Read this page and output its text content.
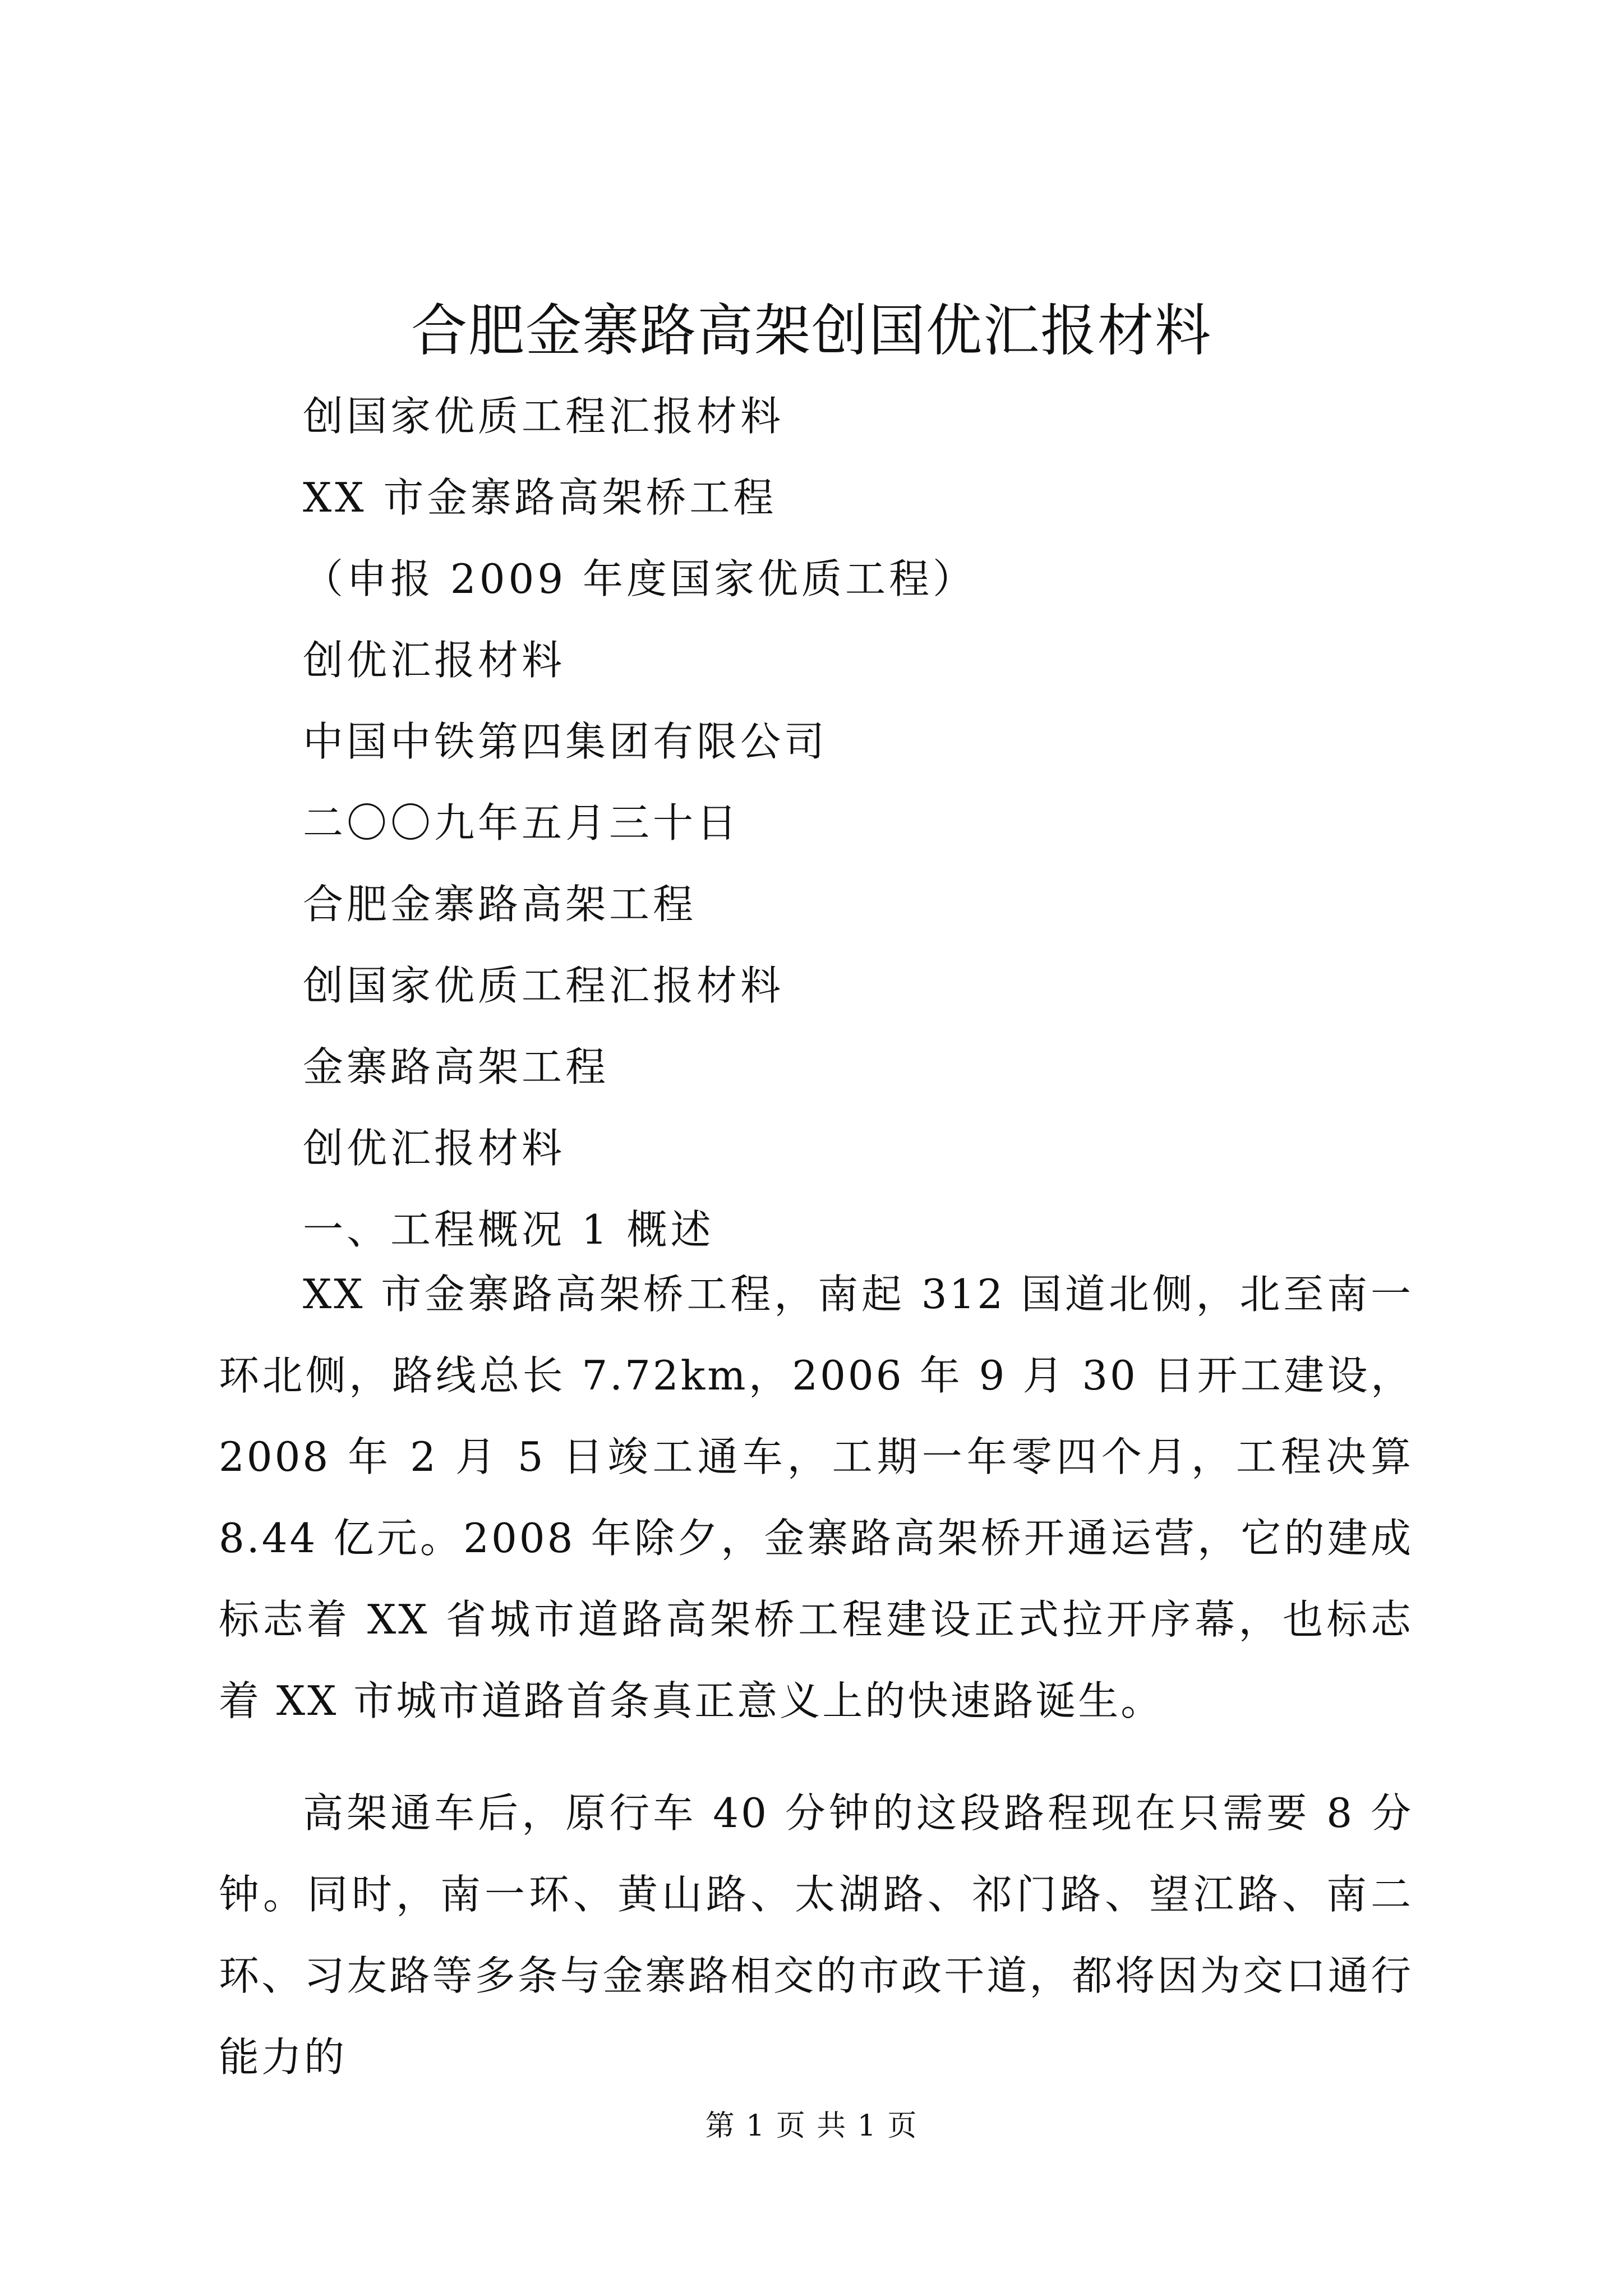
合肥金寨路高架创国优汇报材料
创国家优质工程汇报材料
XX 市金寨路高架桥工程
（申报 2009 年度国家优质工程）
创优汇报材料
中国中铁第四集团有限公司
二〇〇九年五月三十日
合肥金寨路高架工程
创国家优质工程汇报材料
金寨路高架工程
创优汇报材料
一、工程概况 1 概述

XX 市金寨路高架桥工程，南起 312 国道北侧，北至南一环北侧，路线总长 7.72km，2006 年 9 月 30 日开工建设，2008 年 2 月 5 日竣工通车，工期一年零四个月，工程决算 8.44 亿元。2008 年除夕，金寨路高架桥开通运营，它的建成标志着 XX 省城市道路高架桥工程建设正式拉开序幕，也标志着 XX 市城市道路首条真正意义上的快速路诞生。

高架通车后，原行车 40 分钟的这段路程现在只需要 8 分钟。同时，南一环、黄山路、太湖路、祁门路、望江路、南二环、习友路等多条与金寨路相交的市政干道，都将因为交口通行能力的

第 1 页 共 1 页
